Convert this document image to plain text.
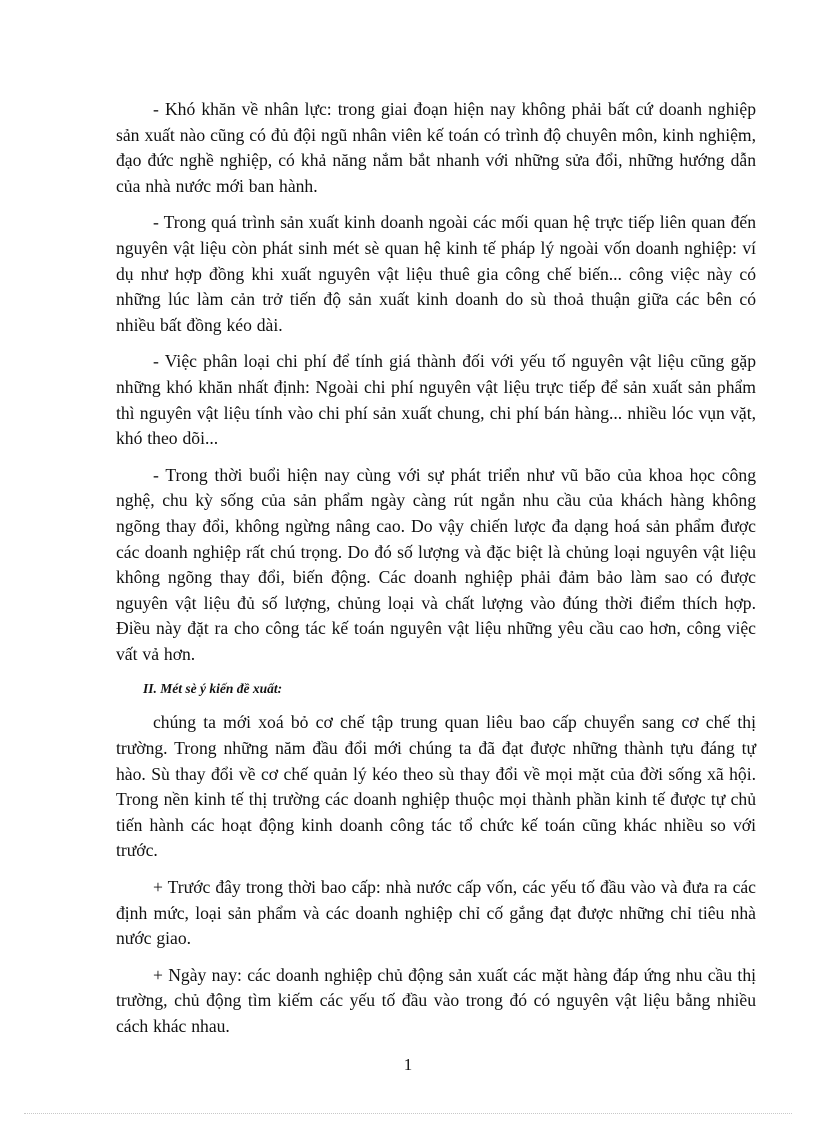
- Khó khăn về nhân lực: trong giai đoạn hiện nay không phải bất cứ doanh nghiệp sản xuất nào cũng có đủ đội ngũ nhân viên kế toán có trình độ chuyên môn, kinh nghiệm, đạo đức nghề nghiệp, có khả năng nắm bắt nhanh với những sửa đổi, những hướng dẫn của nhà nước mới ban hành.

- Trong quá trình sản xuất kinh doanh ngoài các mối quan hệ trực tiếp liên quan đến nguyên vật liệu còn phát sinh mét sè quan hệ kinh tế pháp lý ngoài vốn doanh nghiệp: ví dụ như hợp đồng khi xuất nguyên vật liệu thuê gia công chế biến... công việc này có những lúc làm cản trở tiến độ sản xuất kinh doanh do sù thoả thuận giữa các bên có nhiều bất đồng kéo dài.

- Việc phân loại chi phí để tính giá thành đối với yếu tố nguyên vật liệu cũng gặp những khó khăn nhất định: Ngoài chi phí nguyên vật liệu trực tiếp để sản xuất sản phẩm thì nguyên vật liệu tính vào chi phí sản xuất chung, chi phí bán hàng... nhiều lóc vụn vặt, khó theo dõi...

- Trong thời buổi hiện nay cùng với sự phát triển như vũ bão của khoa học công nghệ, chu kỳ sống của sản phẩm ngày càng rút ngắn nhu cầu của khách hàng không ngõng thay đổi, không ngừng nâng cao. Do vậy chiến lược đa dạng hoá sản phẩm được các doanh nghiệp rất chú trọng. Do đó số lượng và đặc biệt là chủng loại nguyên vật liệu không ngõng thay đổi, biến động. Các doanh nghiệp phải đảm bảo làm sao có được nguyên vật liệu đủ số lượng, chủng loại và chất lượng vào đúng thời điểm thích hợp. Điều này đặt ra cho công tác kế toán nguyên vật liệu những yêu cầu cao hơn, công việc vất vả hơn.

II. Mét sè ý kiến đề xuất:

chúng ta mới xoá bỏ cơ chế tập trung quan liêu bao cấp chuyển sang cơ chế thị trường. Trong những năm đầu đổi mới chúng ta đã đạt được những thành tựu đáng tự hào. Sù thay đổi về cơ chế quản lý kéo theo sù thay đổi về mọi mặt của đời sống xã hội. Trong nền kinh tế thị trường các doanh nghiệp thuộc mọi thành phần kinh tế được tự chủ tiến hành các hoạt động kinh doanh công tác tổ chức kế toán cũng khác nhiều so với trước.

+ Trước đây trong thời bao cấp: nhà nước cấp vốn, các yếu tố đầu vào và đưa ra các định mức, loại sản phẩm và các doanh nghiệp chỉ cố gắng đạt được những chỉ tiêu nhà nước giao.

+ Ngày nay: các doanh nghiệp chủ động sản xuất các mặt hàng đáp ứng nhu cầu thị trường, chủ động tìm kiếm các yếu tố đầu vào trong đó có nguyên vật liệu bằng nhiều cách khác nhau.

1
